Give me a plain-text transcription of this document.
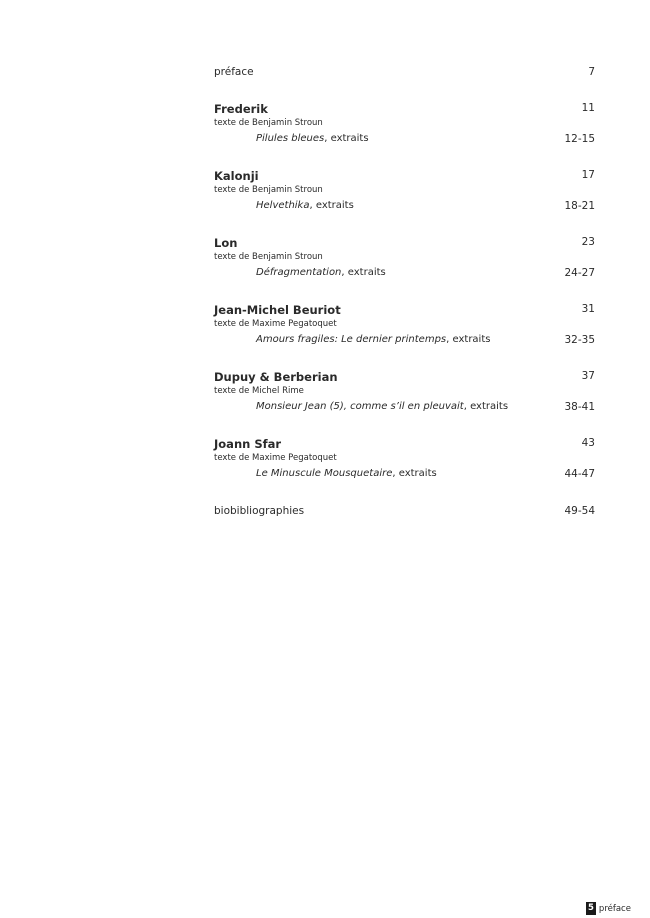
préface	7
Frederik	11
texte de Benjamin Stroun
Pilules bleues, extraits	12-15
Kalonji	17
texte de Benjamin Stroun
Helvethika, extraits	18-21
Lon	23
texte de Benjamin Stroun
Défragmentation, extraits	24-27
Jean-Michel Beuriot	31
texte de Maxime Pegatoquet
Amours fragiles: Le dernier printemps, extraits	32-35
Dupuy & Berberian	37
texte de Michel Rime
Monsieur Jean (5), comme s’il en pleuvait, extraits	38-41
Joann Sfar	43
texte de Maxime Pegatoquet
Le Minuscule Mousquetaire, extraits	44-47
biobibliographies	49-54
5 préface
